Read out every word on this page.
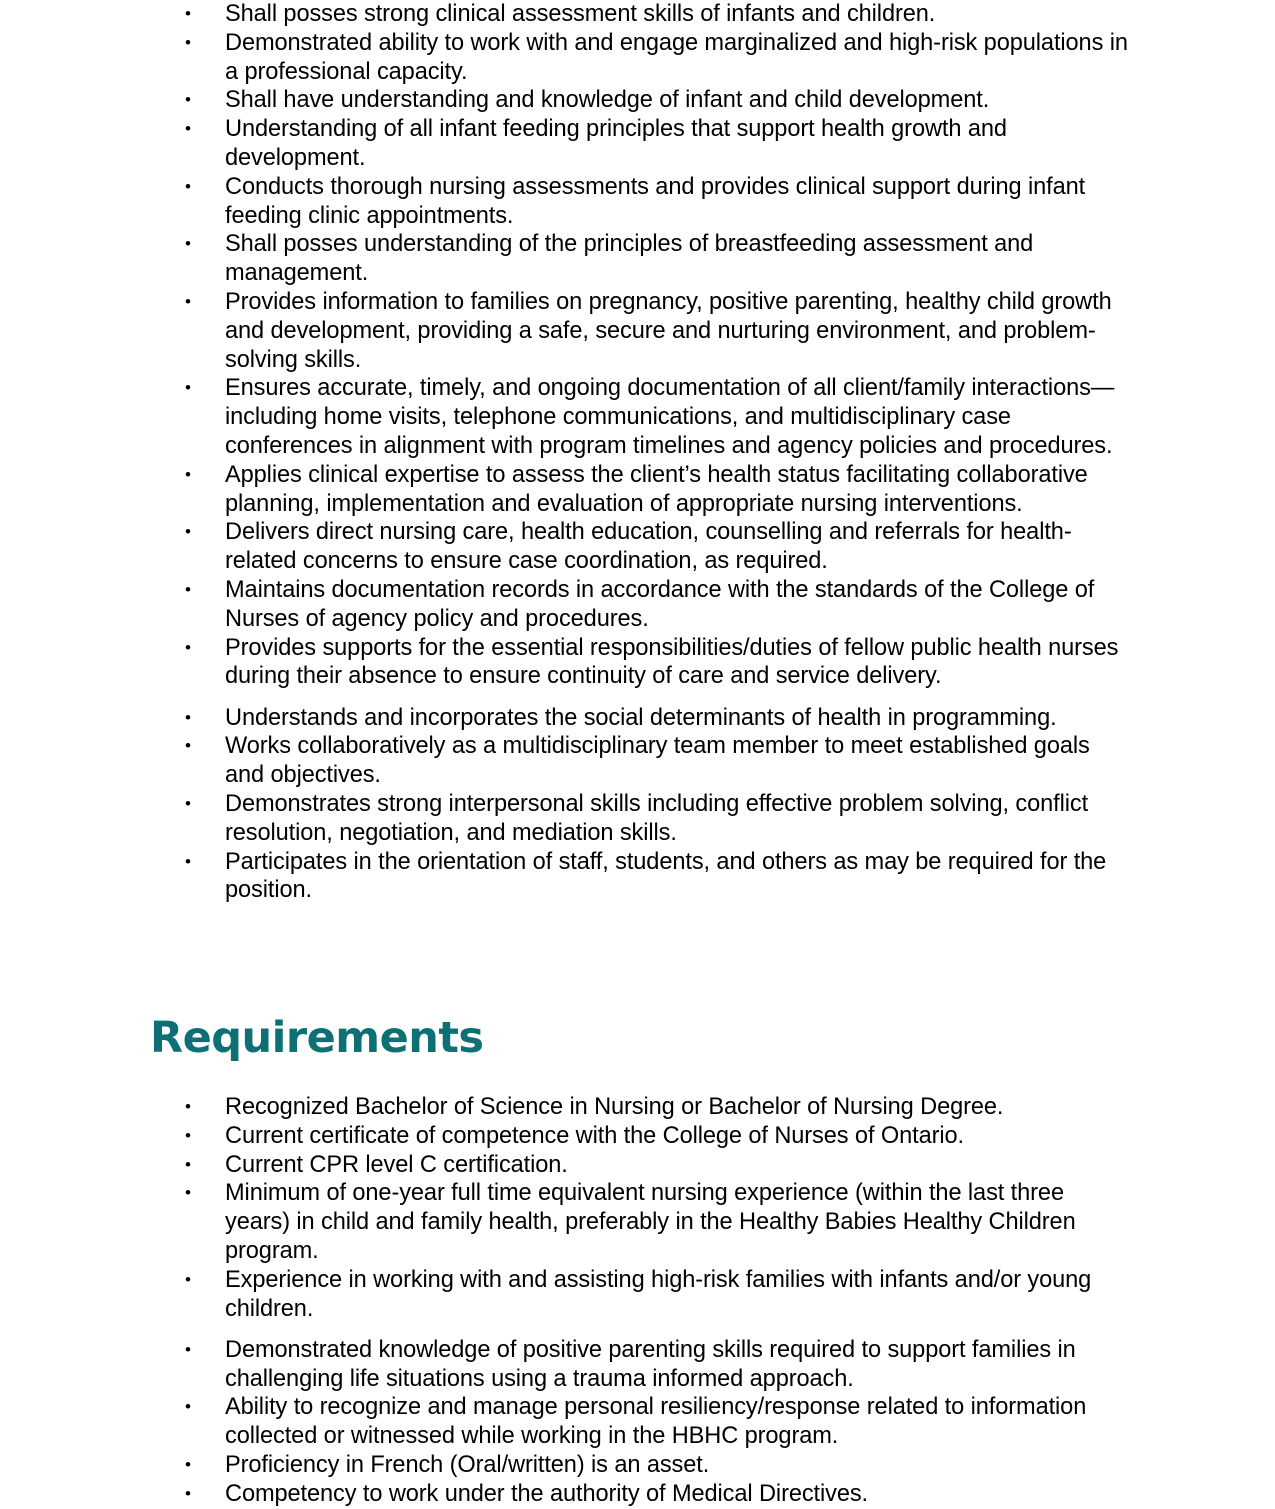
• Shall posses strong clinical assessment skills of infants and children.
• Demonstrated ability to work with and engage marginalized and high-risk populations in a professional capacity.
• Shall have understanding and knowledge of infant and child development.
• Understanding of all infant feeding principles that support health growth and development.
• Conducts thorough nursing assessments and provides clinical support during infant feeding clinic appointments.
• Shall posses understanding of the principles of breastfeeding assessment and management.
• Provides information to families on pregnancy, positive parenting, healthy child growth and development, providing a safe, secure and nurturing environment, and problem-solving skills.
• Ensures accurate, timely, and ongoing documentation of all client/family interactions—including home visits, telephone communications, and multidisciplinary case conferences in alignment with program timelines and agency policies and procedures.
• Applies clinical expertise to assess the client’s health status facilitating collaborative planning, implementation and evaluation of appropriate nursing interventions.
• Delivers direct nursing care, health education, counselling and referrals for health-related concerns to ensure case coordination, as required.
• Maintains documentation records in accordance with the standards of the College of Nurses of agency policy and procedures.
• Provides supports for the essential responsibilities/duties of fellow public health nurses during their absence to ensure continuity of care and service delivery.
• Understands and incorporates the social determinants of health in programming.
• Works collaboratively as a multidisciplinary team member to meet established goals and objectives.
• Demonstrates strong interpersonal skills including effective problem solving, conflict resolution, negotiation, and mediation skills.
• Participates in the orientation of staff, students, and others as may be required for the position.
Requirements
• Recognized Bachelor of Science in Nursing or Bachelor of Nursing Degree.
• Current certificate of competence with the College of Nurses of Ontario.
• Current CPR level C certification.
• Minimum of one-year full time equivalent nursing experience (within the last three years) in child and family health, preferably in the Healthy Babies Healthy Children program.
• Experience in working with and assisting high-risk families with infants and/or young children.
• Demonstrated knowledge of positive parenting skills required to support families in challenging life situations using a trauma informed approach.
• Ability to recognize and manage personal resiliency/response related to information collected or witnessed while working in the HBHC program.
• Proficiency in French (Oral/written) is an asset.
• Competency to work under the authority of Medical Directives.
